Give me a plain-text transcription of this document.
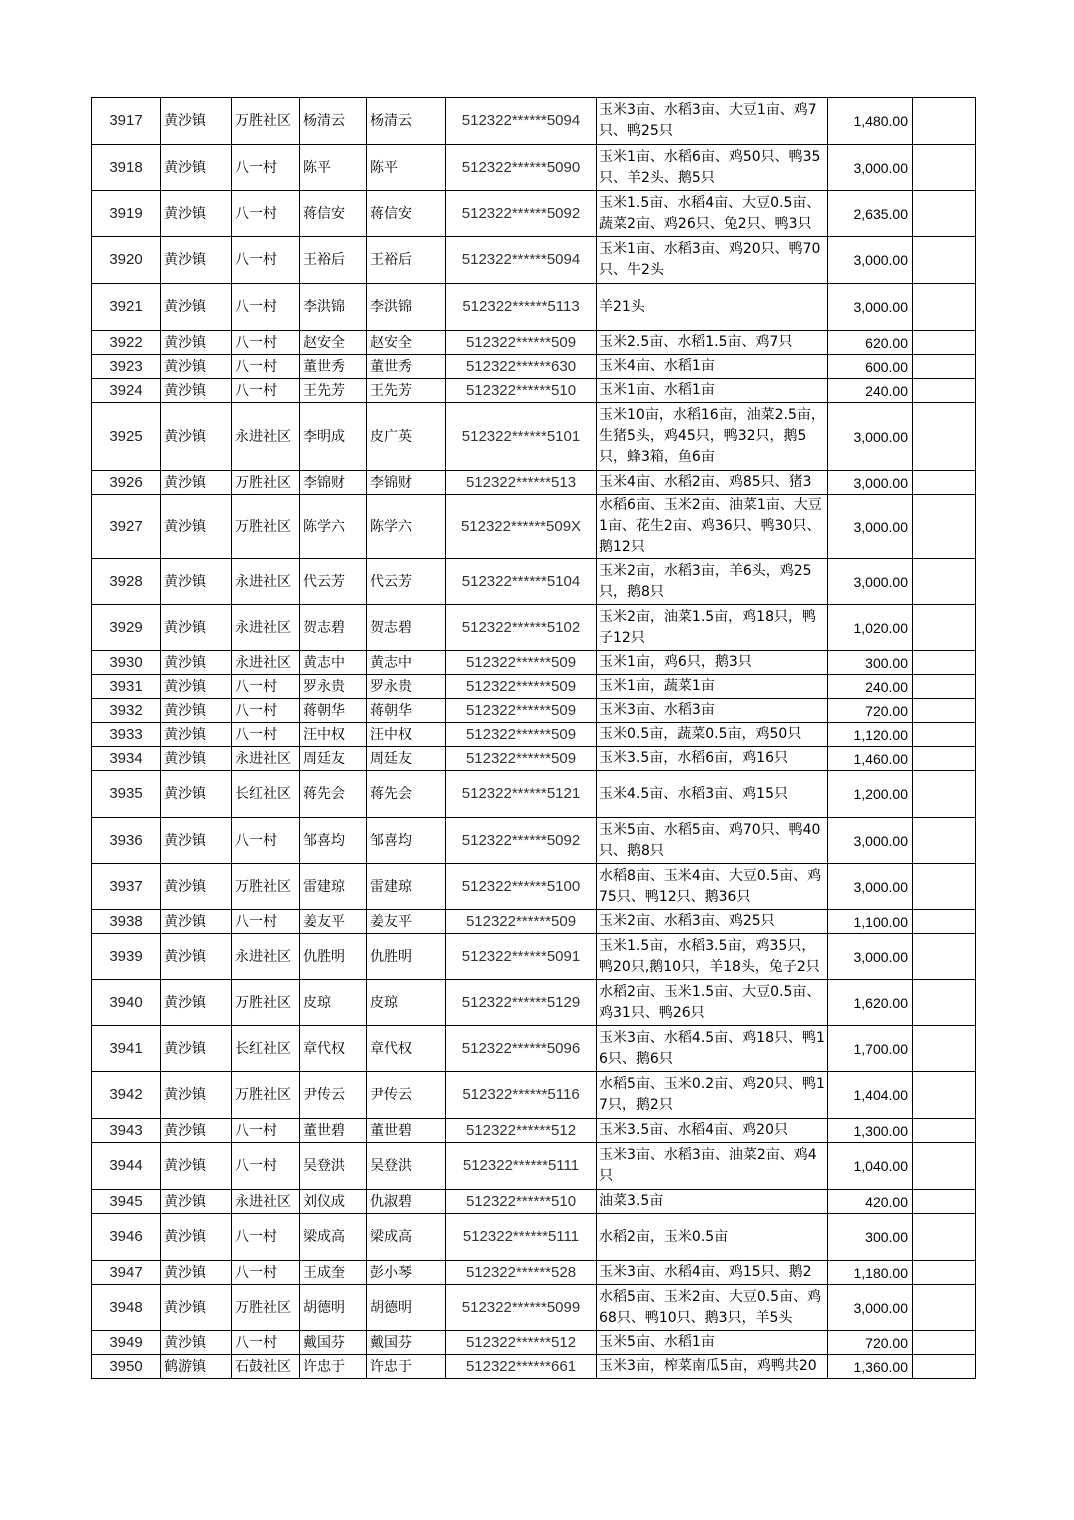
3917	黄沙镇	万胜社区	杨清云	杨清云	512322******5094	玉米3亩、水稻3亩、大豆1亩、鸡7只、鸭25只	1,480.00	
3918	黄沙镇	八一村	陈平	陈平	512322******5090	玉米1亩、水稻6亩、鸡50只、鸭35只、羊2头、鹅5只	3,000.00	
3919	黄沙镇	八一村	蒋信安	蒋信安	512322******5092	玉米1.5亩、水稻4亩、大豆0.5亩、蔬菜2亩、鸡26只、兔2只、鸭3只	2,635.00	
3920	黄沙镇	八一村	王裕后	王裕后	512322******5094	玉米1亩、水稻3亩、鸡20只、鸭70只、牛2头	3,000.00	
3921	黄沙镇	八一村	李洪锦	李洪锦	512322******5113	羊21头	3,000.00	
3922	黄沙镇	八一村	赵安全	赵安全	512322******509	玉米2.5亩、水稻1.5亩、鸡7只	620.00	
3923	黄沙镇	八一村	董世秀	董世秀	512322******630	玉米4亩、水稻1亩	600.00	
3924	黄沙镇	八一村	王先芳	王先芳	512322******510	玉米1亩、水稻1亩	240.00	
3925	黄沙镇	永进社区	李明成	皮广英	512322******5101	玉米10亩，水稻16亩，油菜2.5亩，生猪5头，鸡45只，鸭32只，鹅5只，蜂3箱，鱼6亩	3,000.00	
3926	黄沙镇	万胜社区	李锦财	李锦财	512322******513	玉米4亩、水稻2亩、鸡85只、猪3	3,000.00	
3927	黄沙镇	万胜社区	陈学六	陈学六	512322******509X	水稻6亩、玉米2亩、油菜1亩、大豆1亩、花生2亩、鸡36只、鸭30只、鹅12只	3,000.00	
3928	黄沙镇	永进社区	代云芳	代云芳	512322******5104	玉米2亩，水稻3亩，羊6头，鸡25只，鹅8只	3,000.00	
3929	黄沙镇	永进社区	贺志碧	贺志碧	512322******5102	玉米2亩，油菜1.5亩，鸡18只，鸭子12只	1,020.00	
3930	黄沙镇	永进社区	黄志中	黄志中	512322******509	玉米1亩，鸡6只，鹅3只	300.00	
3931	黄沙镇	八一村	罗永贵	罗永贵	512322******509	玉米1亩，蔬菜1亩	240.00	
3932	黄沙镇	八一村	蒋朝华	蒋朝华	512322******509	玉米3亩、水稻3亩	720.00	
3933	黄沙镇	八一村	汪中权	汪中权	512322******509	玉米0.5亩，蔬菜0.5亩，鸡50只	1,120.00	
3934	黄沙镇	永进社区	周廷友	周廷友	512322******509	玉米3.5亩，水稻6亩，鸡16只	1,460.00	
3935	黄沙镇	长红社区	蒋先会	蒋先会	512322******5121	玉米4.5亩、水稻3亩、鸡15只	1,200.00	
3936	黄沙镇	八一村	邹喜均	邹喜均	512322******5092	玉米5亩、水稻5亩、鸡70只、鸭40只、鹅8只	3,000.00	
3937	黄沙镇	万胜社区	雷建琼	雷建琼	512322******5100	水稻8亩、玉米4亩、大豆0.5亩、鸡75只、鸭12只、鹅36只	3,000.00	
3938	黄沙镇	八一村	姜友平	姜友平	512322******509	玉米2亩、水稻3亩、鸡25只	1,100.00	
3939	黄沙镇	永进社区	仇胜明	仇胜明	512322******5091	玉米1.5亩，水稻3.5亩，鸡35只，鸭20只,鹅10只，羊18头，兔子2只	3,000.00	
3940	黄沙镇	万胜社区	皮琼	皮琼	512322******5129	水稻2亩、玉米1.5亩、大豆0.5亩、鸡31只、鸭26只	1,620.00	
3941	黄沙镇	长红社区	章代权	章代权	512322******5096	玉米3亩、水稻4.5亩、鸡18只、鸭16只、鹅6只	1,700.00	
3942	黄沙镇	万胜社区	尹传云	尹传云	512322******5116	水稻5亩、玉米0.2亩、鸡20只、鸭17只，鹅2只	1,404.00	
3943	黄沙镇	八一村	董世碧	董世碧	512322******512	玉米3.5亩、水稻4亩、鸡20只	1,300.00	
3944	黄沙镇	八一村	吴登洪	吴登洪	512322******5111	玉米3亩、水稻3亩、油菜2亩、鸡4只	1,040.00	
3945	黄沙镇	永进社区	刘仪成	仇淑碧	512322******510	油菜3.5亩	420.00	
3946	黄沙镇	八一村	梁成高	梁成高	512322******5111	水稻2亩，玉米0.5亩	300.00	
3947	黄沙镇	八一村	王成奎	彭小琴	512322******528	玉米3亩、水稻4亩、鸡15只、鹅2	1,180.00	
3948	黄沙镇	万胜社区	胡德明	胡德明	512322******5099	水稻5亩、玉米2亩、大豆0.5亩、鸡68只、鸭10只、鹅3只，羊5头	3,000.00	
3949	黄沙镇	八一村	戴国芬	戴国芬	512322******512	玉米5亩、水稻1亩	720.00	
3950	鹤游镇	石鼓社区	许忠于	许忠于	512322******661	玉米3亩，榨菜南瓜5亩，鸡鸭共20	1,360.00	
